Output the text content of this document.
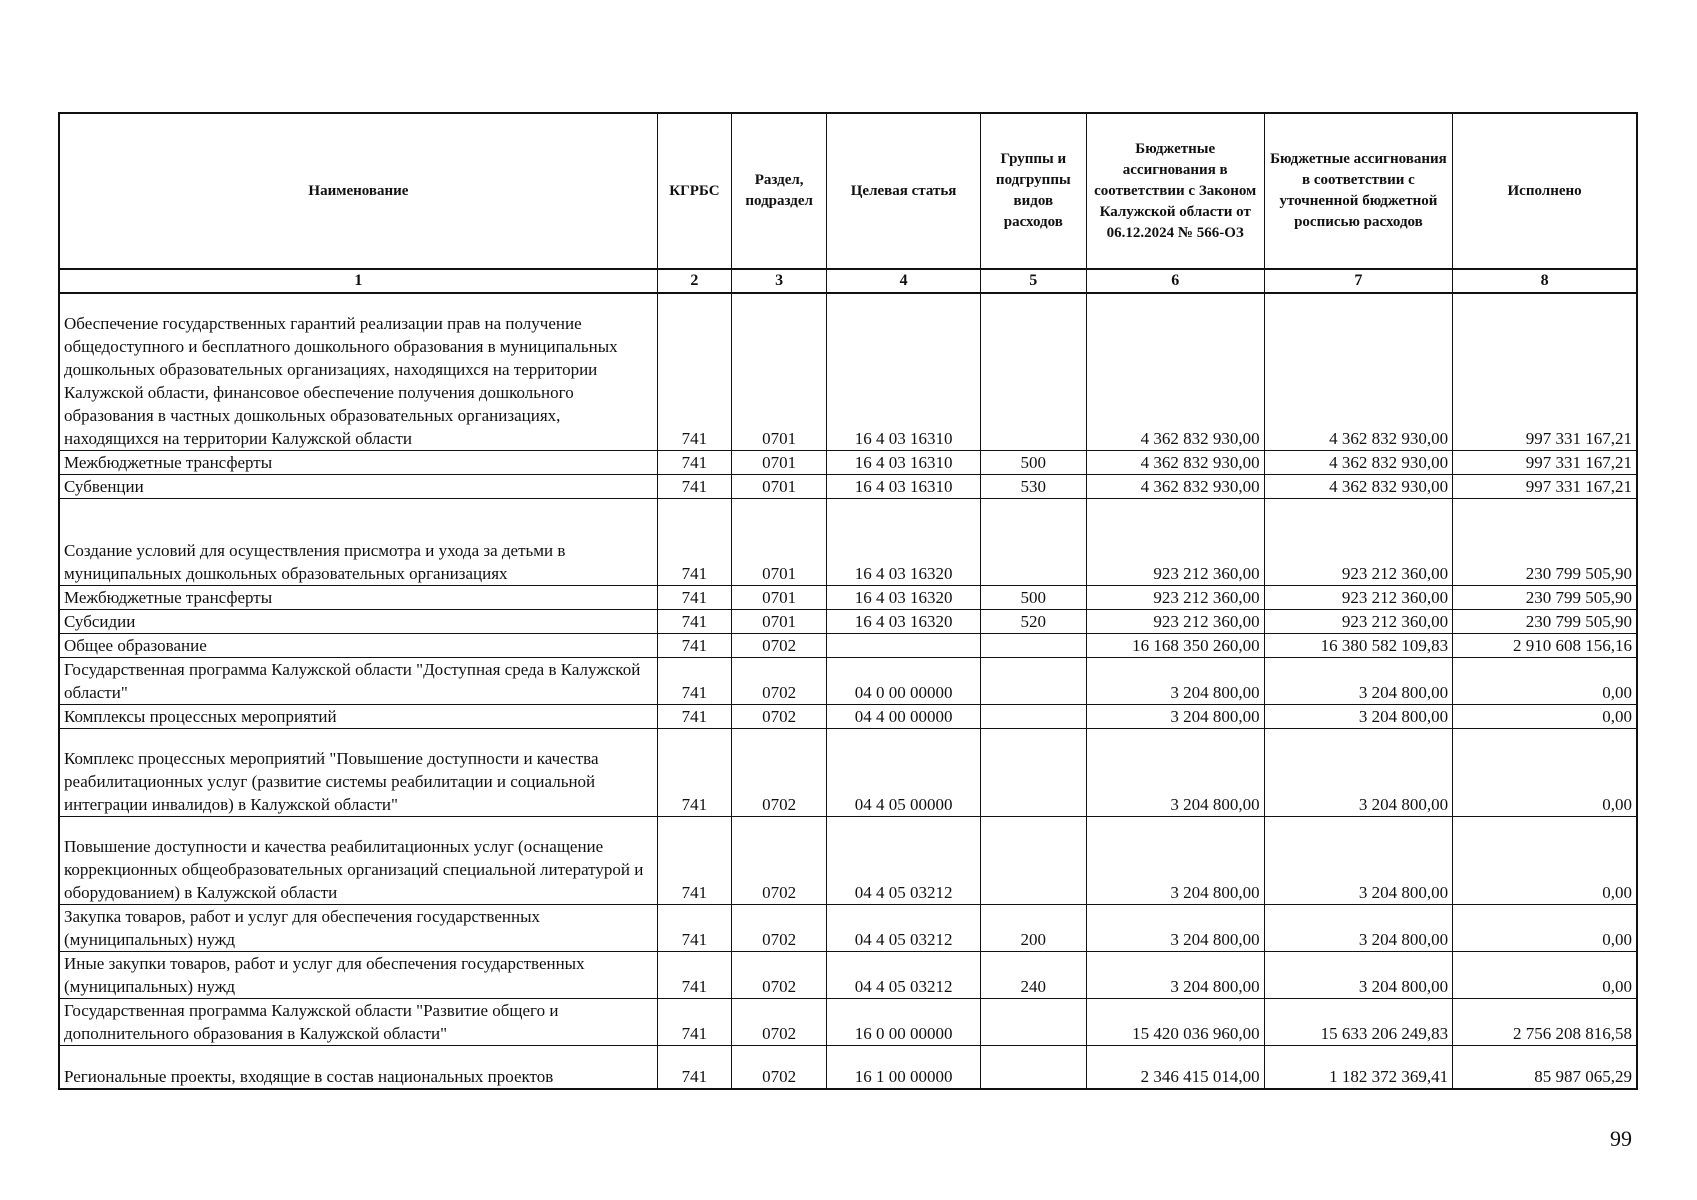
Наименование	КГРБС	Раздел, подраздел	Целевая статья	Группы и подгруппы видов расходов	Бюджетные ассигнования в соответствии с Законом Калужской области от 06.12.2024 № 566-ОЗ	Бюджетные ассигнования в соответствии с уточненной бюджетной росписью расходов	Исполнено
1	2	3	4	5	6	7	8
Обеспечение государственных гарантий реализации прав на получение общедоступного и бесплатного дошкольного образования в муниципальных дошкольных образовательных организациях, находящихся на территории Калужской области, финансовое обеспечение получения дошкольного образования в частных дошкольных образовательных организациях, находящихся на территории Калужской области	741	0701	16 4 03 16310		4 362 832 930,00	4 362 832 930,00	997 331 167,21
Межбюджетные трансферты	741	0701	16 4 03 16310	500	4 362 832 930,00	4 362 832 930,00	997 331 167,21
Субвенции	741	0701	16 4 03 16310	530	4 362 832 930,00	4 362 832 930,00	997 331 167,21
Создание условий для осуществления присмотра и ухода за детьми в муниципальных дошкольных образовательных организациях	741	0701	16 4 03 16320		923 212 360,00	923 212 360,00	230 799 505,90
Межбюджетные трансферты	741	0701	16 4 03 16320	500	923 212 360,00	923 212 360,00	230 799 505,90
Субсидии	741	0701	16 4 03 16320	520	923 212 360,00	923 212 360,00	230 799 505,90
Общее образование	741	0702			16 168 350 260,00	16 380 582 109,83	2 910 608 156,16
Государственная программа Калужской области "Доступная среда в Калужской области"	741	0702	04 0 00 00000		3 204 800,00	3 204 800,00	0,00
Комплексы процессных мероприятий	741	0702	04 4 00 00000		3 204 800,00	3 204 800,00	0,00
Комплекс процессных мероприятий "Повышение доступности и качества реабилитационных услуг (развитие системы реабилитации и социальной интеграции инвалидов) в Калужской области"	741	0702	04 4 05 00000		3 204 800,00	3 204 800,00	0,00
Повышение доступности и качества реабилитационных услуг (оснащение коррекционных общеобразовательных организаций специальной литературой и оборудованием) в Калужской области	741	0702	04 4 05 03212		3 204 800,00	3 204 800,00	0,00
Закупка товаров, работ и услуг для обеспечения государственных (муниципальных) нужд	741	0702	04 4 05 03212	200	3 204 800,00	3 204 800,00	0,00
Иные закупки товаров, работ и услуг для обеспечения государственных (муниципальных) нужд	741	0702	04 4 05 03212	240	3 204 800,00	3 204 800,00	0,00
Государственная программа Калужской области "Развитие общего и дополнительного образования в Калужской области"	741	0702	16 0 00 00000		15 420 036 960,00	15 633 206 249,83	2 756 208 816,58
Региональные проекты, входящие в состав национальных проектов	741	0702	16 1 00 00000		2 346 415 014,00	1 182 372 369,41	85 987 065,29
99
